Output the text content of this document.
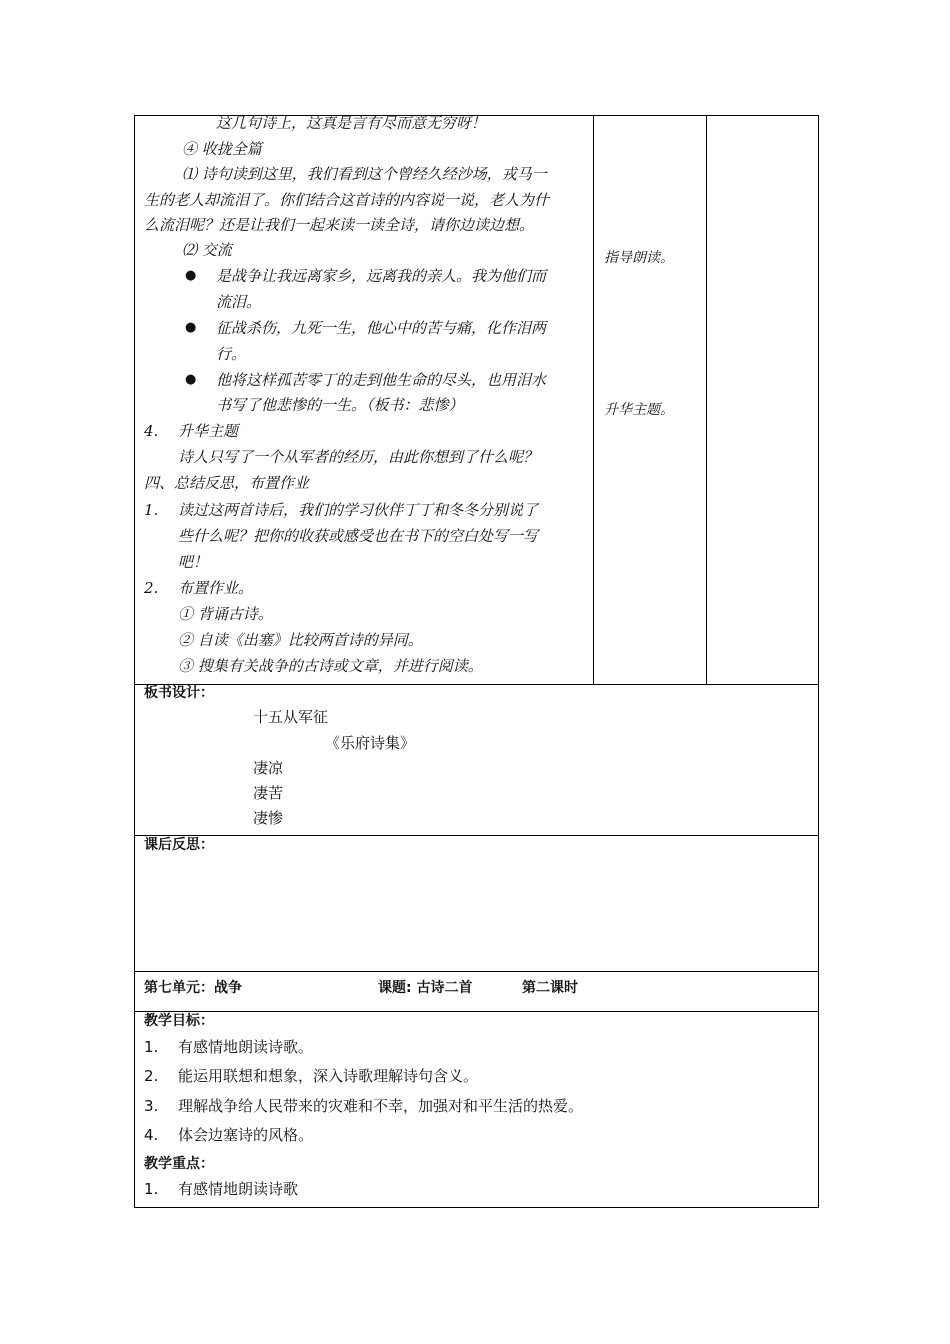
这几句诗上，这真是言有尽而意无穷呀！
④ 收拢全篇
⑴ 诗句读到这里，我们看到这个曾经久经沙场，戎马一
生的老人却流泪了。你们结合这首诗的内容说一说，老人为什
么流泪呢？还是让我们一起来读一读全诗，请你边读边想。
⑵ 交流
● 是战争让我远离家乡，远离我的亲人。我为他们而
流泪。
● 征战杀伤，九死一生，他心中的苦与痛，化作泪两
行。
● 他将这样孤苦零丁的走到他生命的尽头，也用泪水
书写了他悲惨的一生。（板书：悲惨）
4. 升华主题
诗人只写了一个从军者的经历，由此你想到了什么呢？
四、总结反思，布置作业
1. 读过这两首诗后，我们的学习伙伴丁丁和冬冬分别说了
些什么呢？把你的收获或感受也在书下的空白处写一写
吧！
2. 布置作业。
① 背诵古诗。
② 自读《出塞》比较两首诗的异同。
③ 搜集有关战争的古诗或文章，并进行阅读。
指导朗读。
升华主题。
板书设计：
十五从军征
《乐府诗集》
凄凉
凄苦
凄惨
课后反思：
第七单元：战争	课题: 古诗二首	第二课时
教学目标：
1. 有感情地朗读诗歌。
2. 能运用联想和想象，深入诗歌理解诗句含义。
3. 理解战争给人民带来的灾难和不幸，加强对和平生活的热爱。
4. 体会边塞诗的风格。
教学重点：
1. 有感情地朗读诗歌
